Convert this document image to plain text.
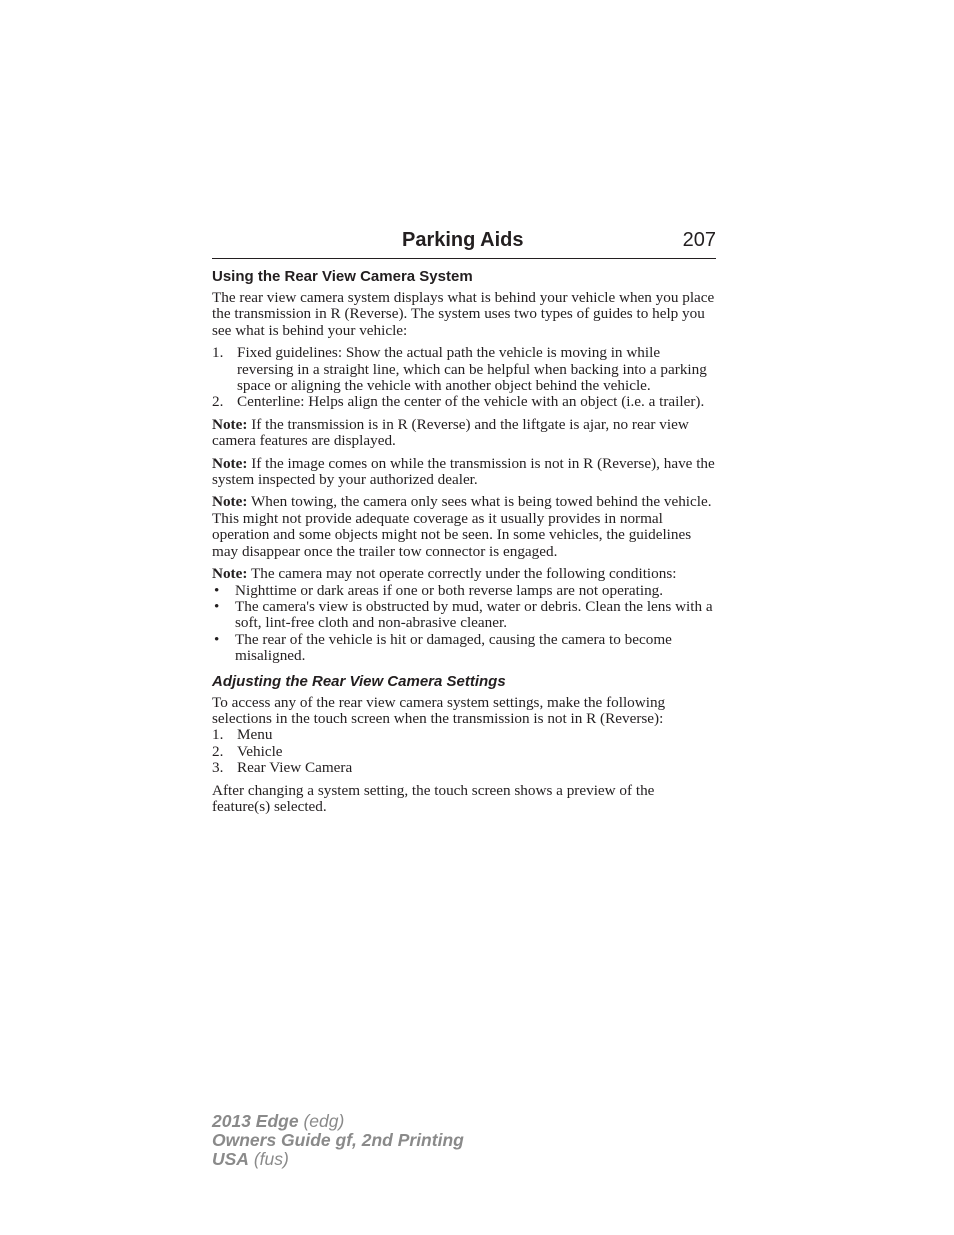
Parking Aids	207
Using the Rear View Camera System

The rear view camera system displays what is behind your vehicle when you place the transmission in R (Reverse). The system uses two types of guides to help you see what is behind your vehicle:

1. Fixed guidelines: Show the actual path the vehicle is moving in while reversing in a straight line, which can be helpful when backing into a parking space or aligning the vehicle with another object behind the vehicle.
2. Centerline: Helps align the center of the vehicle with an object (i.e. a trailer).

Note: If the transmission is in R (Reverse) and the liftgate is ajar, no rear view camera features are displayed.

Note: If the image comes on while the transmission is not in R (Reverse), have the system inspected by your authorized dealer.

Note: When towing, the camera only sees what is being towed behind the vehicle. This might not provide adequate coverage as it usually provides in normal operation and some objects might not be seen. In some vehicles, the guidelines may disappear once the trailer tow connector is engaged.

Note: The camera may not operate correctly under the following conditions:

• Nighttime or dark areas if one or both reverse lamps are not operating.
• The camera's view is obstructed by mud, water or debris. Clean the lens with a soft, lint-free cloth and non-abrasive cleaner.
• The rear of the vehicle is hit or damaged, causing the camera to become misaligned.
Adjusting the Rear View Camera Settings

To access any of the rear view camera system settings, make the following selections in the touch screen when the transmission is not in R (Reverse):

1. Menu
2. Vehicle
3. Rear View Camera

After changing a system setting, the touch screen shows a preview of the feature(s) selected.

2013 Edge (edg)
Owners Guide gf, 2nd Printing
USA (fus)
